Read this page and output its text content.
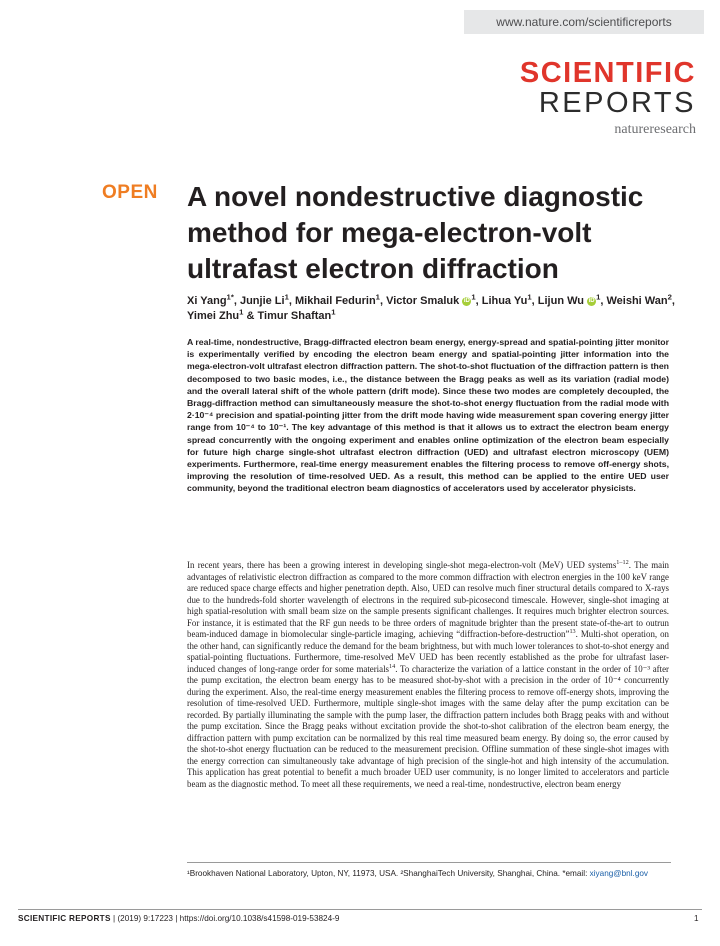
www.nature.com/scientificreports
SCIENTIFIC
REPORTS
natureresearch
OPEN A novel nondestructive diagnostic method for mega-electron-volt ultrafast electron diffraction
Xi Yang$^{1*}$, Junjie Li$^1$, Mikhail Fedurin$^1$, Victor Smaluk iD $^1$, Lihua Yu$^1$, Lijun Wu iD $^1$, Weishi Wan$^2$, Yimei Zhu$^1$ & Timur Shaftan$^1$

A real-time, nondestructive, Bragg-diffracted electron beam energy, energy-spread and spatial-pointing jitter monitor is experimentally verified by encoding the electron beam energy and spatial-pointing jitter information into the mega-electron-volt ultrafast electron diffraction pattern. The shot-to-shot fluctuation of the diffraction pattern is then decomposed to two basic modes, i.e., the distance between the Bragg peaks as well as its variation (radial mode) and the overall lateral shift of the whole pattern (drift mode). Since these two modes are completely decoupled, the Bragg-diffraction method can simultaneously measure the shot-to-shot energy fluctuation from the radial mode with 2·10⁻⁴ precision and spatial-pointing jitter from the drift mode having wide measurement span covering energy jitter range from 10⁻⁴ to 10⁻¹. The key advantage of this method is that it allows us to extract the electron beam energy spread concurrently with the ongoing experiment and enables online optimization of the electron beam especially for future high charge single-shot ultrafast electron diffraction (UED) and ultrafast electron microscopy (UEM) experiments. Furthermore, real-time energy measurement enables the filtering process to remove off-energy shots, improving the resolution of time-resolved UED. As a result, this method can be applied to the entire UED user community, beyond the traditional electron beam diagnostics of accelerators used by accelerator physicists.

In recent years, there has been a growing interest in developing single-shot mega-electron-volt (MeV) UED systems$^{1-12}$. The main advantages of relativistic electron diffraction as compared to the more common diffraction with electron energies in the 100 keV range are reduced space charge effects and higher penetration depth. Also, UED can resolve much finer structural details compared to X-rays due to the hundreds-fold shorter wavelength of electrons in the required sub-picosecond timescale. However, single-shot imaging at high spatial-resolution with small beam size on the sample presents significant challenges. It requires much brighter electron sources. For instance, it is estimated that the RF gun needs to be three orders of magnitude brighter than the present state-of-the-art to outrun beam-induced damage in biomolecular single-particle imaging, achieving “diffraction-before-destruction”$^{13}$. Multi-shot operation, on the other hand, can significantly reduce the demand for the beam brightness, but with much lower tolerances to shot-to-shot energy and spatial-pointing fluctuations. Furthermore, time-resolved MeV UED has been recently established as the probe for ultrafast laser-induced changes of long-range order for some materials$^{14}$. To characterize the variation of a lattice constant in the order of 10⁻³ after the pump excitation, the electron beam energy has to be measured shot-by-shot with a precision in the order of 10⁻⁴ concurrently during the experiment. Also, the real-time energy measurement enables the filtering process to remove off-energy shots, improving the resolution of time-resolved UED. Furthermore, multiple single-shot images with the same delay after the pump excitation can be recorded. By partially illuminating the sample with the pump laser, the diffraction pattern includes both Bragg peaks with and without the pump excitation. Since the Bragg peaks without excitation provide the shot-to-shot calibration of the electron beam energy, the diffraction pattern with pump excitation can be normalized by this real time measured beam energy. By doing so, the error caused by the shot-to-shot energy fluctuation can be reduced to the measurement precision. Offline summation of these single-shot images with the energy correction can simultaneously take advantage of high precision of the single-hot and high intensity of the accumulation. This application has great potential to benefit a much broader UED user community, is no longer limited to accelerators and particle beam as the diagnostic method. To meet all these requirements, we need a real-time, nondestructive, electron beam energy

¹Brookhaven National Laboratory, Upton, NY, 11973, USA. ²ShanghaiTech University, Shanghai, China. *email: xiyang@bnl.gov

SCIENTIFIC REPORTS | (2019) 9:17223 | https://doi.org/10.1038/s41598-019-53824-9	1
